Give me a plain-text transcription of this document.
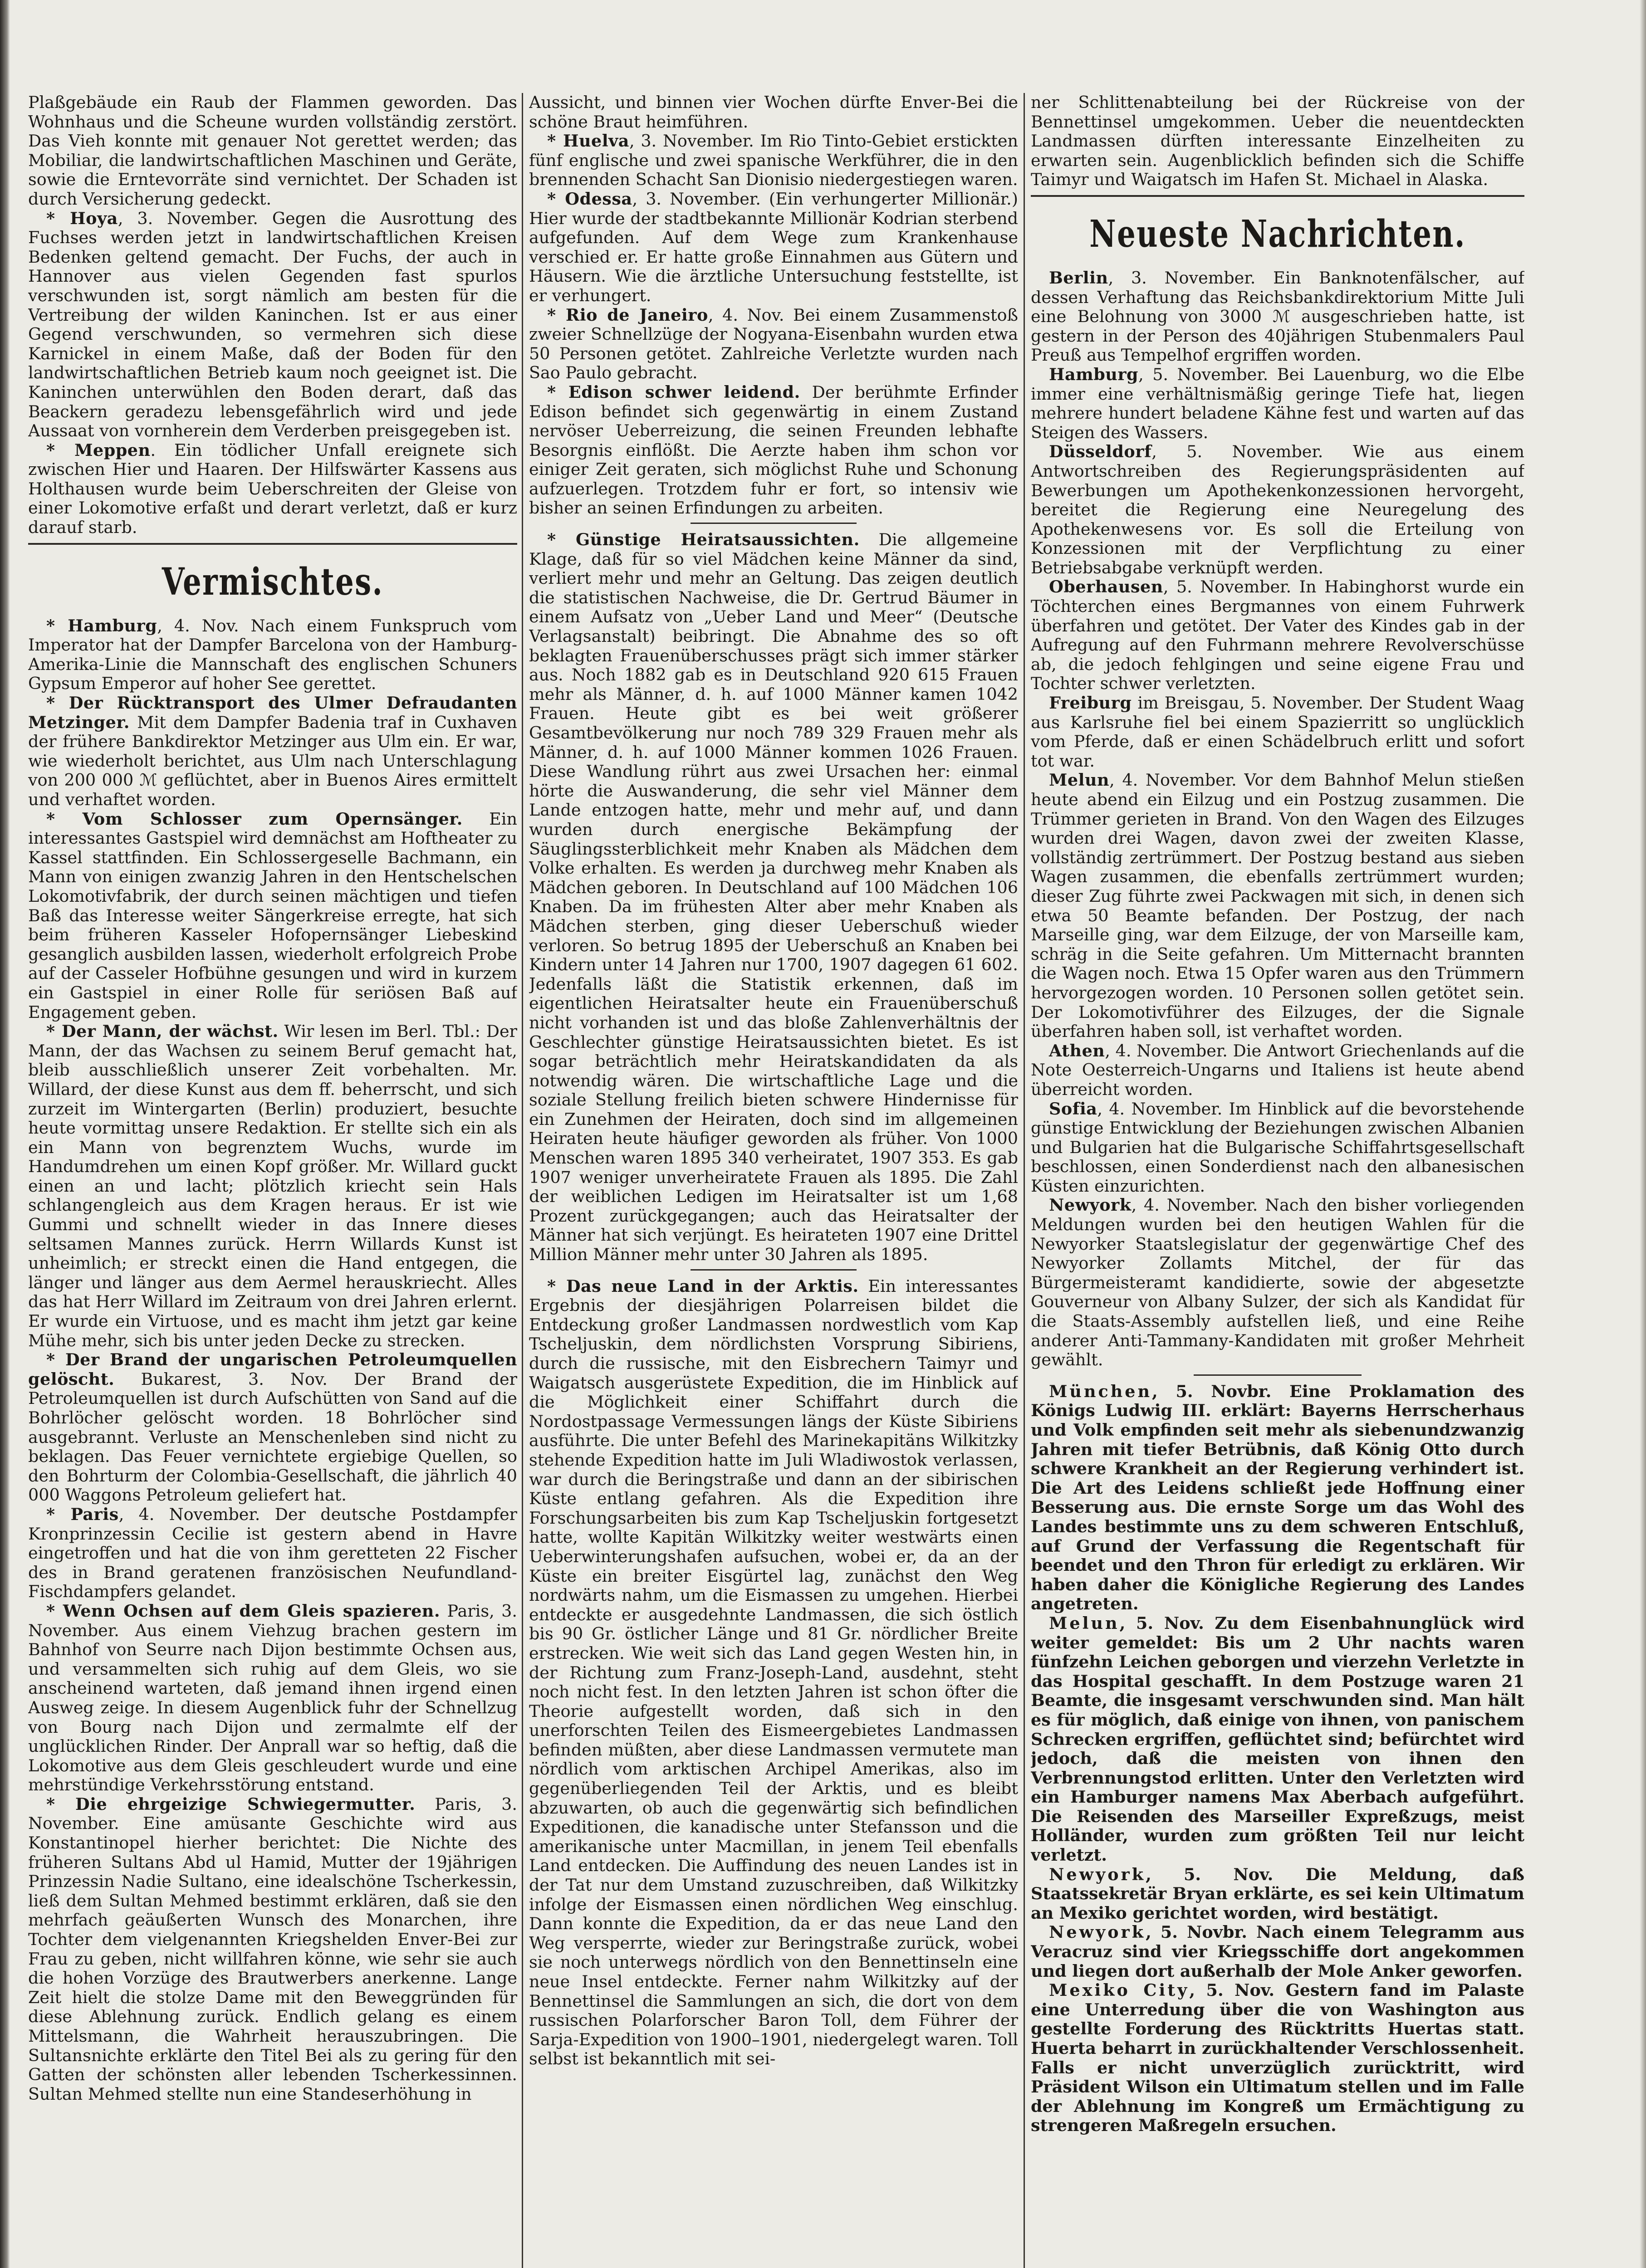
Plaßgebäude ein Raub der Flammen geworden. Das Wohnhaus und die Scheune wurden vollständig zerstört. Das Vieh konnte mit genauer Not gerettet werden; das Mobiliar, die landwirtschaftlichen Maschinen und Geräte, sowie die Erntevorräte sind vernichtet. Der Schaden ist durch Versicherung gedeckt.

* Hoya, 3. November. Gegen die Ausrottung des Fuchses werden jetzt in landwirtschaftlichen Kreisen Bedenken geltend gemacht. Der Fuchs, der auch in Hannover aus vielen Gegenden fast spurlos verschwunden ist, sorgt nämlich am besten für die Vertreibung der wilden Kaninchen. Ist er aus einer Gegend verschwunden, so vermehren sich diese Karnickel in einem Maße, daß der Boden für den landwirtschaftlichen Betrieb kaum noch geeignet ist. Die Kaninchen unterwühlen den Boden derart, daß das Beackern geradezu lebensgefährlich wird und jede Aussaat von vornherein dem Verderben preisgegeben ist.

* Meppen. Ein tödlicher Unfall ereignete sich zwischen Hier und Haaren. Der Hilfswärter Kassens aus Holthausen wurde beim Ueberschreiten der Gleise von einer Lokomotive erfaßt und derart verletzt, daß er kurz darauf starb.

Vermischtes.

* Hamburg, 4. Nov. Nach einem Funkspruch vom Imperator hat der Dampfer Barcelona von der Hamburg-Amerika-Linie die Mannschaft des englischen Schuners Gypsum Emperor auf hoher See gerettet.

* Der Rücktransport des Ulmer Defraudanten Metzinger. Mit dem Dampfer Badenia traf in Cuxhaven der frühere Bankdirektor Metzinger aus Ulm ein. Er war, wie wiederholt berichtet, aus Ulm nach Unterschlagung von 200 000 ℳ geflüchtet, aber in Buenos Aires ermittelt und verhaftet worden.

* Vom Schlosser zum Opernsänger. Ein interessantes Gastspiel wird demnächst am Hoftheater zu Kassel stattfinden. Ein Schlossergeselle Bachmann, ein Mann von einigen zwanzig Jahren in den Hentschelschen Lokomotivfabrik, der durch seinen mächtigen und tiefen Baß das Interesse weiter Sängerkreise erregte, hat sich beim früheren Kasseler Hofopernsänger Liebeskind gesanglich ausbilden lassen, wiederholt erfolgreich Probe auf der Casseler Hofbühne gesungen und wird in kurzem ein Gastspiel in einer Rolle für seriösen Baß auf Engagement geben.

* Der Mann, der wächst. Wir lesen im Berl. Tbl.: Der Mann, der das Wachsen zu seinem Beruf gemacht hat, bleib ausschließlich unserer Zeit vorbehalten. Mr. Willard, der diese Kunst aus dem ff. beherrscht, und sich zurzeit im Wintergarten (Berlin) produziert, besuchte heute vormittag unsere Redaktion. Er stellte sich ein als ein Mann von begrenztem Wuchs, wurde im Handumdrehen um einen Kopf größer. Mr. Willard guckt einen an und lacht; plötzlich kriecht sein Hals schlangengleich aus dem Kragen heraus. Er ist wie Gummi und schnellt wieder in das Innere dieses seltsamen Mannes zurück. Herrn Willards Kunst ist unheimlich; er streckt einen die Hand entgegen, die länger und länger aus dem Aermel herauskriecht. Alles das hat Herr Willard im Zeitraum von drei Jahren erlernt. Er wurde ein Virtuose, und es macht ihm jetzt gar keine Mühe mehr, sich bis unter jeden Decke zu strecken.

* Der Brand der ungarischen Petroleumquellen gelöscht. Bukarest, 3. Nov. Der Brand der Petroleumquellen ist durch Aufschütten von Sand auf die Bohrlöcher gelöscht worden. 18 Bohrlöcher sind ausgebrannt. Verluste an Menschenleben sind nicht zu beklagen. Das Feuer vernichtete ergiebige Quellen, so den Bohrturm der Colombia-Gesellschaft, die jährlich 40 000 Waggons Petroleum geliefert hat.

* Paris, 4. November. Der deutsche Postdampfer Kronprinzessin Cecilie ist gestern abend in Havre eingetroffen und hat die von ihm geretteten 22 Fischer des in Brand geratenen französischen Neufundland-Fischdampfers gelandet.

* Wenn Ochsen auf dem Gleis spazieren. Paris, 3. November. Aus einem Viehzug brachen gestern im Bahnhof von Seurre nach Dijon bestimmte Ochsen aus, und versammelten sich ruhig auf dem Gleis, wo sie anscheinend warteten, daß jemand ihnen irgend einen Ausweg zeige. In diesem Augenblick fuhr der Schnellzug von Bourg nach Dijon und zermalmte elf der unglücklichen Rinder. Der Anprall war so heftig, daß die Lokomotive aus dem Gleis geschleudert wurde und eine mehrstündige Verkehrsstörung entstand.

* Die ehrgeizige Schwiegermutter. Paris, 3. November. Eine amüsante Geschichte wird aus Konstantinopel hierher berichtet: Die Nichte des früheren Sultans Abd ul Hamid, Mutter der 19jährigen Prinzessin Nadie Sultano, eine idealschöne Tscherkessin, ließ dem Sultan Mehmed bestimmt erklären, daß sie den mehrfach geäußerten Wunsch des Monarchen, ihre Tochter dem vielgenannten Kriegshelden Enver-Bei zur Frau zu geben, nicht willfahren könne, wie sehr sie auch die hohen Vorzüge des Brautwerbers anerkenne. Lange Zeit hielt die stolze Dame mit den Beweggründen für diese Ablehnung zurück. Endlich gelang es einem Mittelsmann, die Wahrheit herauszubringen. Die Sultansnichte erklärte den Titel Bei als zu gering für den Gatten der schönsten aller lebenden Tscherkessinnen. Sultan Mehmed stellte nun eine Standeserhöhung in

Aussicht, und binnen vier Wochen dürfte Enver-Bei die schöne Braut heimführen.

* Huelva, 3. November. Im Rio Tinto-Gebiet erstickten fünf englische und zwei spanische Werkführer, die in den brennenden Schacht San Dionisio niedergestiegen waren.

* Odessa, 3. November. (Ein verhungerter Millionär.) Hier wurde der stadtbekannte Millionär Kodrian sterbend aufgefunden. Auf dem Wege zum Krankenhause verschied er. Er hatte große Einnahmen aus Gütern und Häusern. Wie die ärztliche Untersuchung feststellte, ist er verhungert.

* Rio de Janeiro, 4. Nov. Bei einem Zusammenstoß zweier Schnellzüge der Nogyana-Eisenbahn wurden etwa 50 Personen getötet. Zahlreiche Verletzte wurden nach Sao Paulo gebracht.

* Edison schwer leidend. Der berühmte Erfinder Edison befindet sich gegenwärtig in einem Zustand nervöser Ueberreizung, die seinen Freunden lebhafte Besorgnis einflößt. Die Aerzte haben ihm schon vor einiger Zeit geraten, sich möglichst Ruhe und Schonung aufzuerlegen. Trotzdem fuhr er fort, so intensiv wie bisher an seinen Erfindungen zu arbeiten.

* Günstige Heiratsaussichten. Die allgemeine Klage, daß für so viel Mädchen keine Männer da sind, verliert mehr und mehr an Geltung. Das zeigen deutlich die statistischen Nachweise, die Dr. Gertrud Bäumer in einem Aufsatz von „Ueber Land und Meer“ (Deutsche Verlagsanstalt) beibringt. Die Abnahme des so oft beklagten Frauenüberschusses prägt sich immer stärker aus. Noch 1882 gab es in Deutschland 920 615 Frauen mehr als Männer, d. h. auf 1000 Männer kamen 1042 Frauen. Heute gibt es bei weit größerer Gesamtbevölkerung nur noch 789 329 Frauen mehr als Männer, d. h. auf 1000 Männer kommen 1026 Frauen. Diese Wandlung rührt aus zwei Ursachen her: einmal hörte die Auswanderung, die sehr viel Männer dem Lande entzogen hatte, mehr und mehr auf, und dann wurden durch energische Bekämpfung der Säuglingssterblichkeit mehr Knaben als Mädchen dem Volke erhalten. Es werden ja durchweg mehr Knaben als Mädchen geboren. In Deutschland auf 100 Mädchen 106 Knaben. Da im frühesten Alter aber mehr Knaben als Mädchen sterben, ging dieser Ueberschuß wieder verloren. So betrug 1895 der Ueberschuß an Knaben bei Kindern unter 14 Jahren nur 1700, 1907 dagegen 61 602. Jedenfalls läßt die Statistik erkennen, daß im eigentlichen Heiratsalter heute ein Frauenüberschuß nicht vorhanden ist und das bloße Zahlenverhältnis der Geschlechter günstige Heiratsaussichten bietet. Es ist sogar beträchtlich mehr Heiratskandidaten da als notwendig wären. Die wirtschaftliche Lage und die soziale Stellung freilich bieten schwere Hindernisse für ein Zunehmen der Heiraten, doch sind im allgemeinen Heiraten heute häufiger geworden als früher. Von 1000 Menschen waren 1895 340 verheiratet, 1907 353. Es gab 1907 weniger unverheiratete Frauen als 1895. Die Zahl der weiblichen Ledigen im Heiratsalter ist um 1,68 Prozent zurückgegangen; auch das Heiratsalter der Männer hat sich verjüngt. Es heirateten 1907 eine Drittel Million Männer mehr unter 30 Jahren als 1895.

* Das neue Land in der Arktis. Ein interessantes Ergebnis der diesjährigen Polarreisen bildet die Entdeckung großer Landmassen nordwestlich vom Kap Tscheljuskin, dem nördlichsten Vorsprung Sibiriens, durch die russische, mit den Eisbrechern Taimyr und Waigatsch ausgerüstete Expedition, die im Hinblick auf die Möglichkeit einer Schiffahrt durch die Nordostpassage Vermessungen längs der Küste Sibiriens ausführte. Die unter Befehl des Marinekapitäns Wilkitzky stehende Expedition hatte im Juli Wladiwostok verlassen, war durch die Beringstraße und dann an der sibirischen Küste entlang gefahren. Als die Expedition ihre Forschungsarbeiten bis zum Kap Tscheljuskin fortgesetzt hatte, wollte Kapitän Wilkitzky weiter westwärts einen Ueberwinterungshafen aufsuchen, wobei er, da an der Küste ein breiter Eisgürtel lag, zunächst den Weg nordwärts nahm, um die Eismassen zu umgehen. Hierbei entdeckte er ausgedehnte Landmassen, die sich östlich bis 90 Gr. östlicher Länge und 81 Gr. nördlicher Breite erstrecken. Wie weit sich das Land gegen Westen hin, in der Richtung zum Franz-Joseph-Land, ausdehnt, steht noch nicht fest. In den letzten Jahren ist schon öfter die Theorie aufgestellt worden, daß sich in den unerforschten Teilen des Eismeergebietes Landmassen befinden müßten, aber diese Landmassen vermutete man nördlich vom arktischen Archipel Amerikas, also im gegenüberliegenden Teil der Arktis, und es bleibt abzuwarten, ob auch die gegenwärtig sich befindlichen Expeditionen, die kanadische unter Stefansson und die amerikanische unter Macmillan, in jenem Teil ebenfalls Land entdecken. Die Auffindung des neuen Landes ist in der Tat nur dem Umstand zuzuschreiben, daß Wilkitzky infolge der Eismassen einen nördlichen Weg einschlug. Dann konnte die Expedition, da er das neue Land den Weg versperrte, wieder zur Beringstraße zurück, wobei sie noch unterwegs nördlich von den Bennettinseln eine neue Insel entdeckte. Ferner nahm Wilkitzky auf der Bennettinsel die Sammlungen an sich, die dort von dem russischen Polarforscher Baron Toll, dem Führer der Sarja-Expedition von 1900–1901, niedergelegt waren. Toll selbst ist bekanntlich mit sei-

ner Schlittenabteilung bei der Rückreise von der Bennettinsel umgekommen. Ueber die neuentdeckten Landmassen dürften interessante Einzelheiten zu erwarten sein. Augenblicklich befinden sich die Schiffe Taimyr und Waigatsch im Hafen St. Michael in Alaska.

Neueste Nachrichten.

Berlin, 3. November. Ein Banknotenfälscher, auf dessen Verhaftung das Reichsbankdirektorium Mitte Juli eine Belohnung von 3000 ℳ ausgeschrieben hatte, ist gestern in der Person des 40jährigen Stubenmalers Paul Preuß aus Tempelhof ergriffen worden.

Hamburg, 5. November. Bei Lauenburg, wo die Elbe immer eine verhältnismäßig geringe Tiefe hat, liegen mehrere hundert beladene Kähne fest und warten auf das Steigen des Wassers.

Düsseldorf, 5. November. Wie aus einem Antwortschreiben des Regierungspräsidenten auf Bewerbungen um Apothekenkonzessionen hervorgeht, bereitet die Regierung eine Neuregelung des Apothekenwesens vor. Es soll die Erteilung von Konzessionen mit der Verpflichtung zu einer Betriebsabgabe verknüpft werden.

Oberhausen, 5. November. In Habinghorst wurde ein Töchterchen eines Bergmannes von einem Fuhrwerk überfahren und getötet. Der Vater des Kindes gab in der Aufregung auf den Fuhrmann mehrere Revolverschüsse ab, die jedoch fehlgingen und seine eigene Frau und Tochter schwer verletzten.

Freiburg im Breisgau, 5. November. Der Student Waag aus Karlsruhe fiel bei einem Spazierritt so unglücklich vom Pferde, daß er einen Schädelbruch erlitt und sofort tot war.

Melun, 4. November. Vor dem Bahnhof Melun stießen heute abend ein Eilzug und ein Postzug zusammen. Die Trümmer gerieten in Brand. Von den Wagen des Eilzuges wurden drei Wagen, davon zwei der zweiten Klasse, vollständig zertrümmert. Der Postzug bestand aus sieben Wagen zusammen, die ebenfalls zertrümmert wurden; dieser Zug führte zwei Packwagen mit sich, in denen sich etwa 50 Beamte befanden. Der Postzug, der nach Marseille ging, war dem Eilzuge, der von Marseille kam, schräg in die Seite gefahren. Um Mitternacht brannten die Wagen noch. Etwa 15 Opfer waren aus den Trümmern hervorgezogen worden. 10 Personen sollen getötet sein. Der Lokomotivführer des Eilzuges, der die Signale überfahren haben soll, ist verhaftet worden.

Athen, 4. November. Die Antwort Griechenlands auf die Note Oesterreich-Ungarns und Italiens ist heute abend überreicht worden.

Sofia, 4. November. Im Hinblick auf die bevorstehende günstige Entwicklung der Beziehungen zwischen Albanien und Bulgarien hat die Bulgarische Schiffahrtsgesellschaft beschlossen, einen Sonderdienst nach den albanesischen Küsten einzurichten.

Newyork, 4. November. Nach den bisher vorliegenden Meldungen wurden bei den heutigen Wahlen für die Newyorker Staatslegislatur der gegenwärtige Chef des Newyorker Zollamts Mitchel, der für das Bürgermeisteramt kandidierte, sowie der abgesetzte Gouverneur von Albany Sulzer, der sich als Kandidat für die Staats-Assembly aufstellen ließ, und eine Reihe anderer Anti-Tammany-Kandidaten mit großer Mehrheit gewählt.

München, 5. Novbr. Eine Proklamation des Königs Ludwig III. erklärt: Bayerns Herrscherhaus und Volk empfinden seit mehr als siebenundzwanzig Jahren mit tiefer Betrübnis, daß König Otto durch schwere Krankheit an der Regierung verhindert ist. Die Art des Leidens schließt jede Hoffnung einer Besserung aus. Die ernste Sorge um das Wohl des Landes bestimmte uns zu dem schweren Entschluß, auf Grund der Verfassung die Regentschaft für beendet und den Thron für erledigt zu erklären. Wir haben daher die Königliche Regierung des Landes angetreten.

Melun, 5. Nov. Zu dem Eisenbahnunglück wird weiter gemeldet: Bis um 2 Uhr nachts waren fünfzehn Leichen geborgen und vierzehn Verletzte in das Hospital geschafft. In dem Postzuge waren 21 Beamte, die insgesamt verschwunden sind. Man hält es für möglich, daß einige von ihnen, von panischem Schrecken ergriffen, geflüchtet sind; befürchtet wird jedoch, daß die meisten von ihnen den Verbrennungstod erlitten. Unter den Verletzten wird ein Hamburger namens Max Aberbach aufgeführt. Die Reisenden des Marseiller Expreßzugs, meist Holländer, wurden zum größten Teil nur leicht verletzt.

Newyork, 5. Nov. Die Meldung, daß Staatssekretär Bryan erklärte, es sei kein Ultimatum an Mexiko gerichtet worden, wird bestätigt.

Newyork, 5. Novbr. Nach einem Telegramm aus Veracruz sind vier Kriegsschiffe dort angekommen und liegen dort außerhalb der Mole Anker geworfen.

Mexiko City, 5. Nov. Gestern fand im Palaste eine Unterredung über die von Washington aus gestellte Forderung des Rücktritts Huertas statt. Huerta beharrt in zurückhaltender Verschlossenheit. Falls er nicht unverzüglich zurücktritt, wird Präsident Wilson ein Ultimatum stellen und im Falle der Ablehnung im Kongreß um Ermächtigung zu strengeren Maßregeln ersuchen.
